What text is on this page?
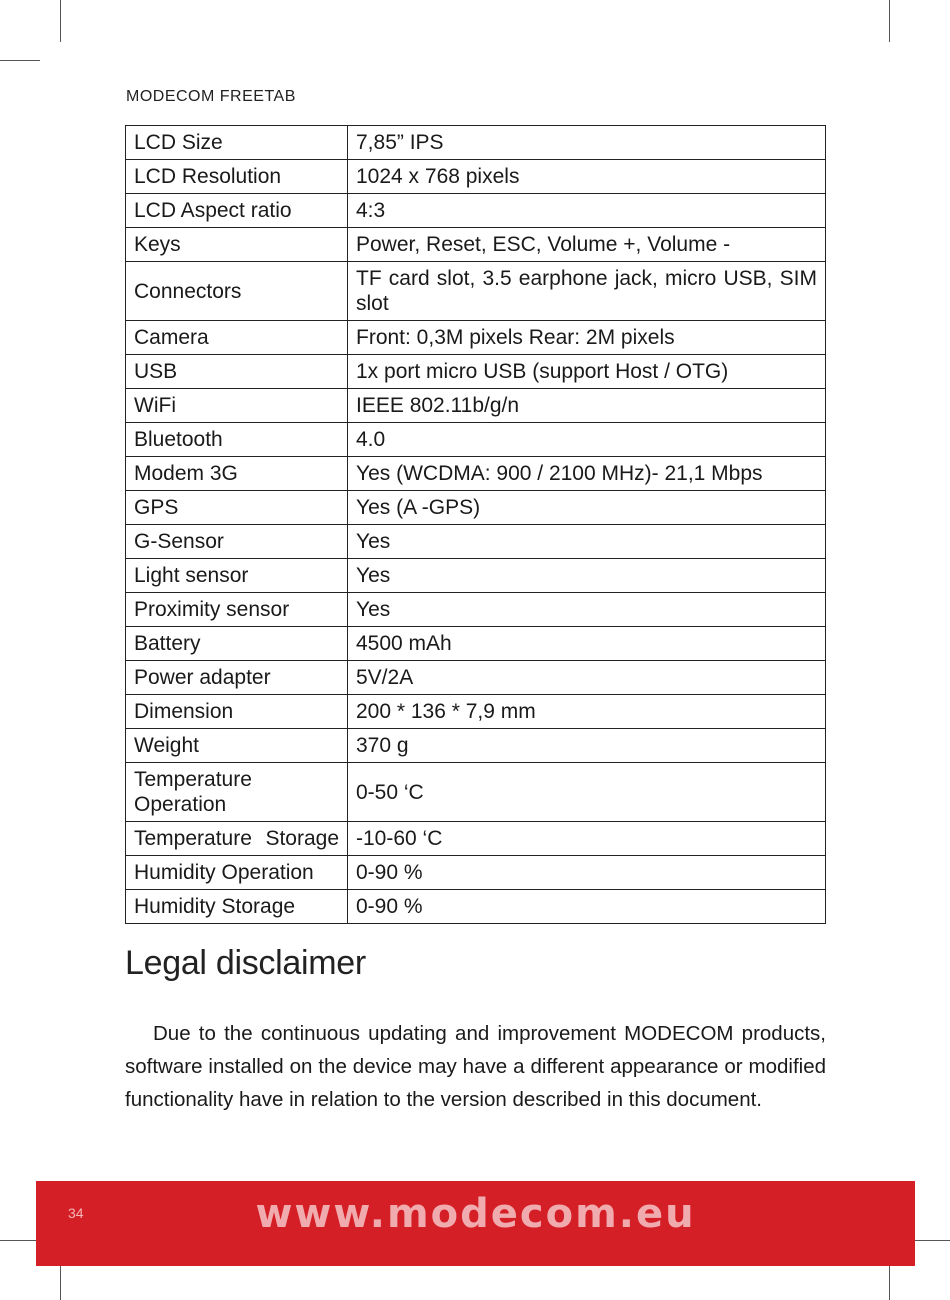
MODECOM FREETAB
LCD Size	7,85” IPS
LCD Resolution	1024 x 768 pixels
LCD Aspect ratio	4:3
Keys	Power, Reset, ESC, Volume +, Volume -
Connectors	TF card slot, 3.5 earphone jack, micro USB, SIM slot
Camera	Front: 0,3M pixels Rear: 2M pixels
USB	1x port micro USB (support Host / OTG)
WiFi	IEEE 802.11b/g/n
Bluetooth	4.0
Modem 3G	Yes (WCDMA: 900 / 2100 MHz)- 21,1 Mbps
GPS	Yes (A -GPS)
G-Sensor	Yes
Light sensor	Yes
Proximity sensor	Yes
Battery	4500 mAh
Power adapter	5V/2A
Dimension	200 * 136 * 7,9 mm
Weight	370 g
Temperature Operation	0-50 ‘C
Temperature Storage	-10-60 ‘C
Humidity Operation	0-90 %
Humidity Storage	0-90 %
Legal disclaimer

Due to the continuous updating and improvement MODECOM products, software installed on the device may have a different appearance or modified functionality have in relation to the version described in this document.

34	www.modecom.eu
